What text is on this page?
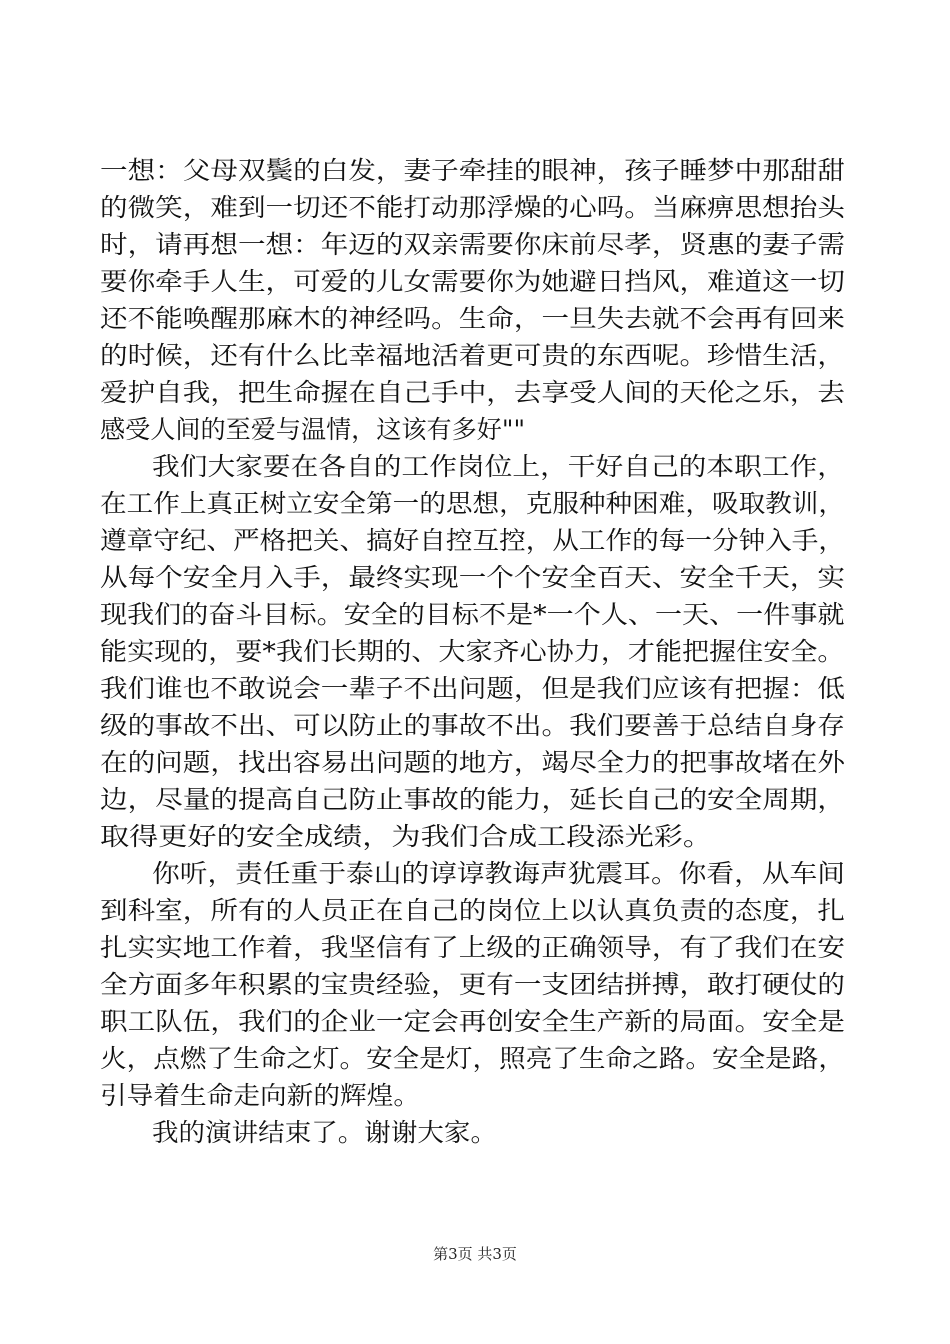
一想：父母双鬓的白发，妻子牵挂的眼神，孩子睡梦中那甜甜
的微笑，难到一切还不能打动那浮燥的心吗。当麻痹思想抬头
时，请再想一想：年迈的双亲需要你床前尽孝，贤惠的妻子需
要你牵手人生，可爱的儿女需要你为她避日挡风，难道这一切
还不能唤醒那麻木的神经吗。生命，一旦失去就不会再有回来
的时候，还有什么比幸福地活着更可贵的东西呢。珍惜生活，
爱护自我，把生命握在自己手中，去享受人间的天伦之乐，去
感受人间的至爱与温情，这该有多好""
我们大家要在各自的工作岗位上，干好自己的本职工作，
在工作上真正树立安全第一的思想，克服种种困难，吸取教训，
遵章守纪、严格把关、搞好自控互控，从工作的每一分钟入手，
从每个安全月入手，最终实现一个个安全百天、安全千天，实
现我们的奋斗目标。安全的目标不是*一个人、一天、一件事就
能实现的，要*我们长期的、大家齐心协力，才能把握住安全。
我们谁也不敢说会一辈子不出问题，但是我们应该有把握：低
级的事故不出、可以防止的事故不出。我们要善于总结自身存
在的问题，找出容易出问题的地方，竭尽全力的把事故堵在外
边，尽量的提高自己防止事故的能力，延长自己的安全周期，
取得更好的安全成绩，为我们合成工段添光彩。
你听，责任重于泰山的谆谆教诲声犹震耳。你看，从车间
到科室，所有的人员正在自己的岗位上以认真负责的态度，扎
扎实实地工作着，我坚信有了上级的正确领导，有了我们在安
全方面多年积累的宝贵经验，更有一支团结拼搏，敢打硬仗的
职工队伍，我们的企业一定会再创安全生产新的局面。安全是
火，点燃了生命之灯。安全是灯，照亮了生命之路。安全是路，
引导着生命走向新的辉煌。
我的演讲结束了。谢谢大家。
第3页 共3页
